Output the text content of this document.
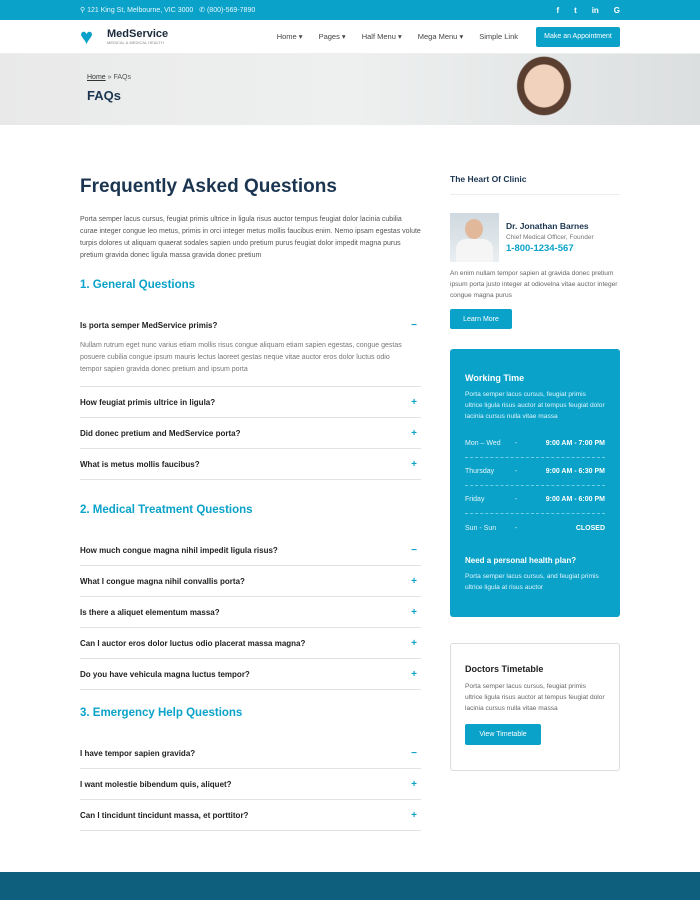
⚲ 121 King St, Melbourne, VIC 3000 ✆ (800)-569-7890	f t in G
♥	MedService
MEDICAL & MEDICAL HEALTH
Home ▾ Pages ▾ Half Menu ▾ Mega Menu ▾ Simple Link	Make an Appointment
Home » FAQs
FAQs
Frequently Asked Questions

Porta semper lacus cursus, feugiat primis ultrice in ligula risus auctor tempus feugiat dolor lacinia cubilia curae integer congue leo metus, primis in orci integer metus mollis faucibus enim. Nemo ipsam egestas volute turpis dolores ut aliquam quaerat sodales sapien undo pretium purus feugiat dolor impedit magna purus pretium gravida donec ligula massa gravida donec pretium

1. General Questions
Is porta semper MedService primis?	−
Nullam rutrum eget nunc varius etiam mollis risus congue aliquam etiam sapien egestas, congue gestas posuere cubilia congue ipsum mauris lectus laoreet gestas neque vitae auctor eros dolor luctus odio tempor sapien gravida donec pretium and ipsum porta
How feugiat primis ultrice in ligula?	+
Did donec pretium and MedService porta?	+
What is metus mollis faucibus?	+
2. Medical Treatment Questions
How much congue magna nihil impedit ligula risus?	−
What I congue magna nihil convallis porta?	+
Is there a aliquet elementum massa?	+
Can I auctor eros dolor luctus odio placerat massa magna?	+
Do you have vehicula magna luctus tempor?	+
3. Emergency Help Questions
I have tempor sapien gravida?	−
I want molestie bibendum quis, aliquet?	+
Can I tincidunt tincidunt massa, et porttitor?	+
The Heart Of Clinic
Dr. Jonathan Barnes
Chief Medical Officer, Founder
1-800-1234-567

An enim nullam tempor sapien at gravida donec pretium ipsum porta justo integer at odiovelna vitae auctor integer congue magna purus

Learn More
Working Time

Porta semper lacus cursus, feugiat primis ultrice ligula risus auctor at tempus feugiat dolor lacinia cursus nulla vitae massa

Mon – Wed	-	9:00 AM - 7:00 PM
Thursday	-	9:00 AM - 6:30 PM
Friday	-	9:00 AM - 6:00 PM
Sun - Sun	-	CLOSED
Need a personal health plan?

Porta semper lacus cursus, and feugiat primis ultrice ligula at risus auctor

Doctors Timetable

Porta semper lacus cursus, feugiat primis ultrice ligula risus auctor at tempus feugiat dolor lacinia cursus nulla vitae massa

View Timetable
